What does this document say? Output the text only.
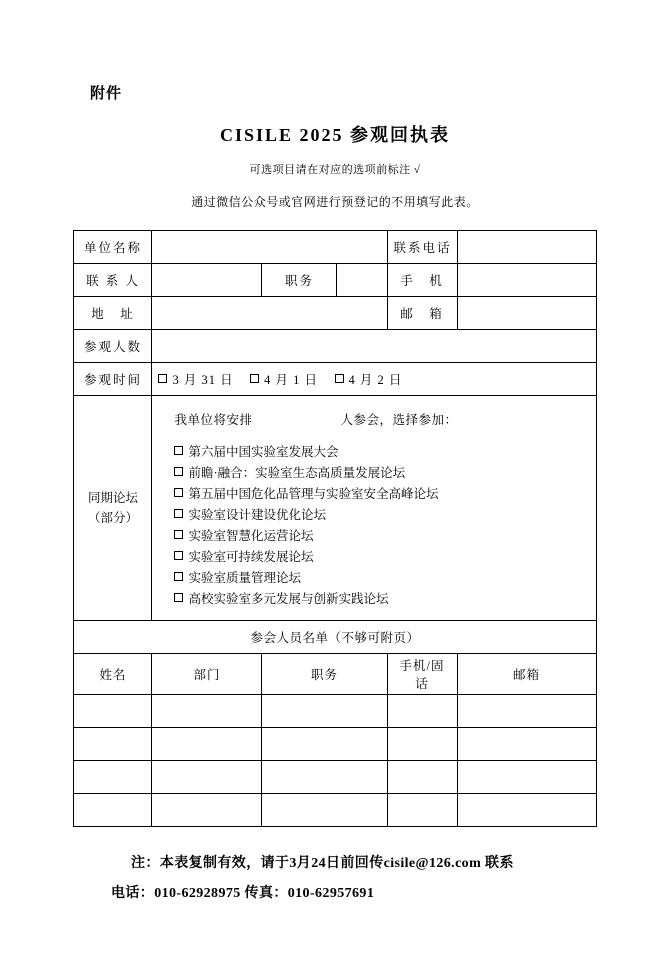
附件
CISILE 2025 参观回执表
可选项目请在对应的选项前标注 √
通过微信公众号或官网进行预登记的不用填写此表。
单位名称				联系电话	
联 系 人		职务		手　机	
地　址				邮　箱	
参观人数					
参观时间	3 月 31 日 4 月 1 日 4 月 2 日				

同期论坛
（部分）

我单位将安排	人参会，选择参加：
第六届中国实验室发展大会
前瞻·融合：实验室生态高质量发展论坛
第五届中国危化品管理与实验室安全高峰论坛
实验室设计建设优化论坛
实验室智慧化运营论坛
实验室可持续发展论坛
实验室质量管理论坛
高校实验室多元发展与创新实践论坛

参会人员名单（不够可附页）					
姓名	部门	职务		手机/固话	邮箱

注：本表复制有效，请于3月24日前回传cisile@126.com 联系
电话：010-62928975 传真：010-62957691
